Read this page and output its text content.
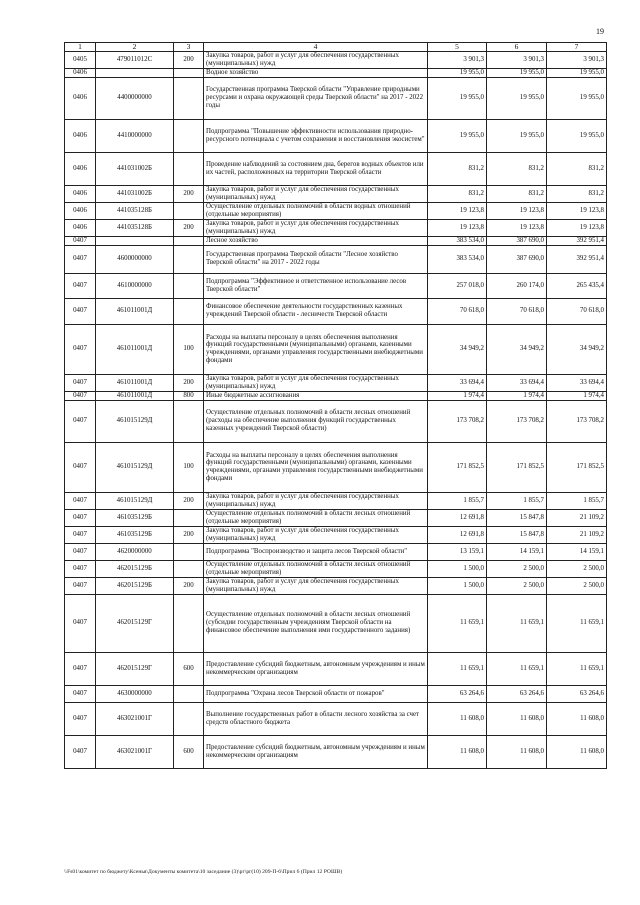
19
1	2	3	4	5	6	7
0405	479011012С	200	Закупка товаров, работ и услуг для обеспечения государственных (муниципальных) нужд	3 901,3	3 901,3	3 901,3
0406			Водное хозяйство	19 955,0	19 955,0	19 955,0
0406	4400000000		Государственная программа Тверской области "Управление природными ресурсами и охрана окружающей среды Тверской области" на 2017 - 2022 годы	19 955,0	19 955,0	19 955,0
0406	4410000000		Подпрограмма "Повышение эффективности использования природно-ресурсного потенциала с учетом сохранения и восстановления экосистем"	19 955,0	19 955,0	19 955,0
0406	441031002Б		Проведение наблюдений за состоянием дна, берегов водных объектов или их частей, расположенных на территории Тверской области	831,2	831,2	831,2
0406	441031002Б	200	Закупка товаров, работ и услуг для обеспечения государственных (муниципальных) нужд	831,2	831,2	831,2
0406	441035128Б		Осуществление отдельных полномочий в области водных отношений (отдельные мероприятия)	19 123,8	19 123,8	19 123,8
0406	441035128Б	200	Закупка товаров, работ и услуг для обеспечения государственных (муниципальных) нужд	19 123,8	19 123,8	19 123,8
0407			Лесное хозяйство	383 534,0	387 690,0	392 951,4
0407	4600000000		Государственная программа Тверской области "Лесное хозяйство Тверской области" на 2017 - 2022 годы	383 534,0	387 690,0	392 951,4
0407	4610000000		Подпрограмма "Эффективное и ответственное использование лесов Тверской области"	257 018,0	260 174,0	265 435,4
0407	461011001Д		Финансовое обеспечение деятельности государственных казенных учреждений Тверской области - лесничеств Тверской области	70 618,0	70 618,0	70 618,0
0407	461011001Д	100	Расходы на выплаты персоналу в целях обеспечения выполнения функций государственными (муниципальными) органами, казенными учреждениями, органами управления государственными внебюджетными фондами	34 949,2	34 949,2	34 949,2
0407	461011001Д	200	Закупка товаров, работ и услуг для обеспечения государственных (муниципальных) нужд	33 694,4	33 694,4	33 694,4
0407	461011001Д	800	Иные бюджетные ассигнования	1 974,4	1 974,4	1 974,4
0407	461015129Д		Осуществление отдельных полномочий в области лесных отношений (расходы на обеспечение выполнения функций государственных казенных учреждений Тверской области)	173 708,2	173 708,2	173 708,2
0407	461015129Д	100	Расходы на выплаты персоналу в целях обеспечения выполнения функций государственными (муниципальными) органами, казенными учреждениями, органами управления государственными внебюджетными фондами	171 852,5	171 852,5	171 852,5
0407	461015129Д	200	Закупка товаров, работ и услуг для обеспечения государственных (муниципальных) нужд	1 855,7	1 855,7	1 855,7
0407	461035129Б		Осуществление отдельных полномочий в области лесных отношений (отдельные мероприятия)	12 691,8	15 847,8	21 109,2
0407	461035129Б	200	Закупка товаров, работ и услуг для обеспечения государственных (муниципальных) нужд	12 691,8	15 847,8	21 109,2
0407	4620000000		Подпрограмма "Воспроизводство и защита лесов Тверской области"	13 159,1	14 159,1	14 159,1
0407	462015129Б		Осуществление отдельных полномочий в области лесных отношений (отдельные мероприятия)	1 500,0	2 500,0	2 500,0
0407	462015129Б	200	Закупка товаров, работ и услуг для обеспечения государственных (муниципальных) нужд	1 500,0	2 500,0	2 500,0
0407	462015129Г		Осуществление отдельных полномочий в области лесных отношений (субсидии государственным учреждениям Тверской области на финансовое обеспечение выполнения ими государственного задания)	11 659,1	11 659,1	11 659,1
0407	462015129Г	600	Предоставление субсидий бюджетным, автономным учреждениям и иным некоммерческим организациям	11 659,1	11 659,1	11 659,1
0407	4630000000		Подпрограмма "Охрана лесов Тверской области от пожаров"	63 264,6	63 264,6	63 264,6
0407	463021001Г		Выполнение государственных работ в области лесного хозяйства за счет средств областного бюджета	11 608,0	11 608,0	11 608,0
0407	463021001Г	600	Предоставление субсидий бюджетным, автономным учреждениям и иным некоммерческим организациям	11 608,0	11 608,0	11 608,0
\\Fs01\комитет по бюджету\Ксенья\Документы комитета\10 заседание (3)\рг\рг(10) 209-П-6\Прил 6 (Прил 12 РОШВ)
